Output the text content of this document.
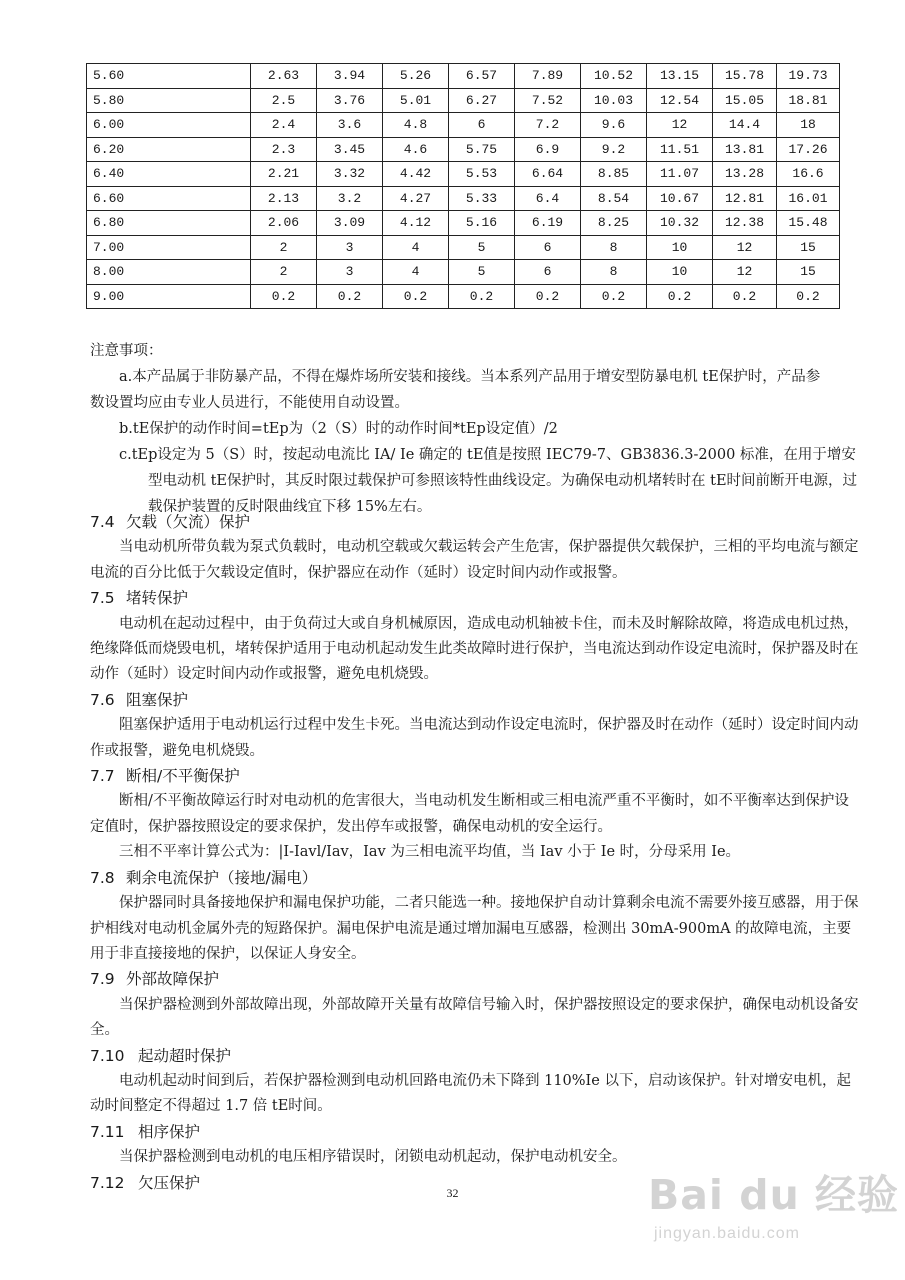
5.60	2.63	3.94	5.26	6.57	7.89	10.52	13.15	15.78	19.73
5.80	2.5	3.76	5.01	6.27	7.52	10.03	12.54	15.05	18.81
6.00	2.4	3.6	4.8	6	7.2	9.6	12	14.4	18
6.20	2.3	3.45	4.6	5.75	6.9	9.2	11.51	13.81	17.26
6.40	2.21	3.32	4.42	5.53	6.64	8.85	11.07	13.28	16.6
6.60	2.13	3.2	4.27	5.33	6.4	8.54	10.67	12.81	16.01
6.80	2.06	3.09	4.12	5.16	6.19	8.25	10.32	12.38	15.48
7.00	2	3	4	5	6	8	10	12	15
8.00	2	3	4	5	6	8	10	12	15
9.00	0.2	0.2	0.2	0.2	0.2	0.2	0.2	0.2	0.2

注意事项：

a.本产品属于非防暴产品，不得在爆炸场所安装和接线。当本系列产品用于增安型防暴电机 tE保护时，产品参

数设置均应由专业人员进行，不能使用自动设置。

b.tE保护的动作时间=tEp为（2（S）时的动作时间*tEp设定值）/2

c.tEp设定为 5（S）时，按起动电流比 IA/ Ie 确定的 tE值是按照 IEC79-7、GB3836.3-2000 标准，在用于增安型电动机 tE保护时，其反时限过载保护可参照该特性曲线设定。为确保电动机堵转时在 tE时间前断开电源，过载保护装置的反时限曲线宜下移 15%左右。

7.4 欠载（欠流）保护

当电动机所带负载为泵式负载时，电动机空载或欠载运转会产生危害，保护器提供欠载保护，三相的平均电流与额定电流的百分比低于欠载设定值时，保护器应在动作（延时）设定时间内动作或报警。

7.5 堵转保护

电动机在起动过程中，由于负荷过大或自身机械原因，造成电动机轴被卡住，而未及时解除故障，将造成电机过热，绝缘降低而烧毁电机，堵转保护适用于电动机起动发生此类故障时进行保护，当电流达到动作设定电流时，保护器及时在动作（延时）设定时间内动作或报警，避免电机烧毁。

7.6 阻塞保护

阻塞保护适用于电动机运行过程中发生卡死。当电流达到动作设定电流时，保护器及时在动作（延时）设定时间内动作或报警，避免电机烧毁。

7.7 断相/不平衡保护

断相/不平衡故障运行时对电动机的危害很大，当电动机发生断相或三相电流严重不平衡时，如不平衡率达到保护设定值时，保护器按照设定的要求保护，发出停车或报警，确保电动机的安全运行。

三相不平率计算公式为：|I-Iavl/Iav，Iav 为三相电流平均值，当 Iav 小于 Ie 时，分母采用 Ie。

7.8 剩余电流保护（接地/漏电）

保护器同时具备接地保护和漏电保护功能，二者只能选一种。接地保护自动计算剩余电流不需要外接互感器，用于保护相线对电动机金属外壳的短路保护。漏电保护电流是通过增加漏电互感器，检测出 30mA-900mA 的故障电流，主要用于非直接接地的保护，以保证人身安全。

7.9 外部故障保护

当保护器检测到外部故障出现，外部故障开关量有故障信号输入时，保护器按照设定的要求保护，确保电动机设备安全。

7.10 起动超时保护

电动机起动时间到后，若保护器检测到电动机回路电流仍未下降到 110%Ie 以下，启动该保护。针对增安电机，起动时间整定不得超过 1.7 倍 tE时间。

7.11 相序保护

当保护器检测到电动机的电压相序错误时，闭锁电动机起动，保护电动机安全。

7.12 欠压保护

32	Bai du 经验
jingyan.baidu.com
